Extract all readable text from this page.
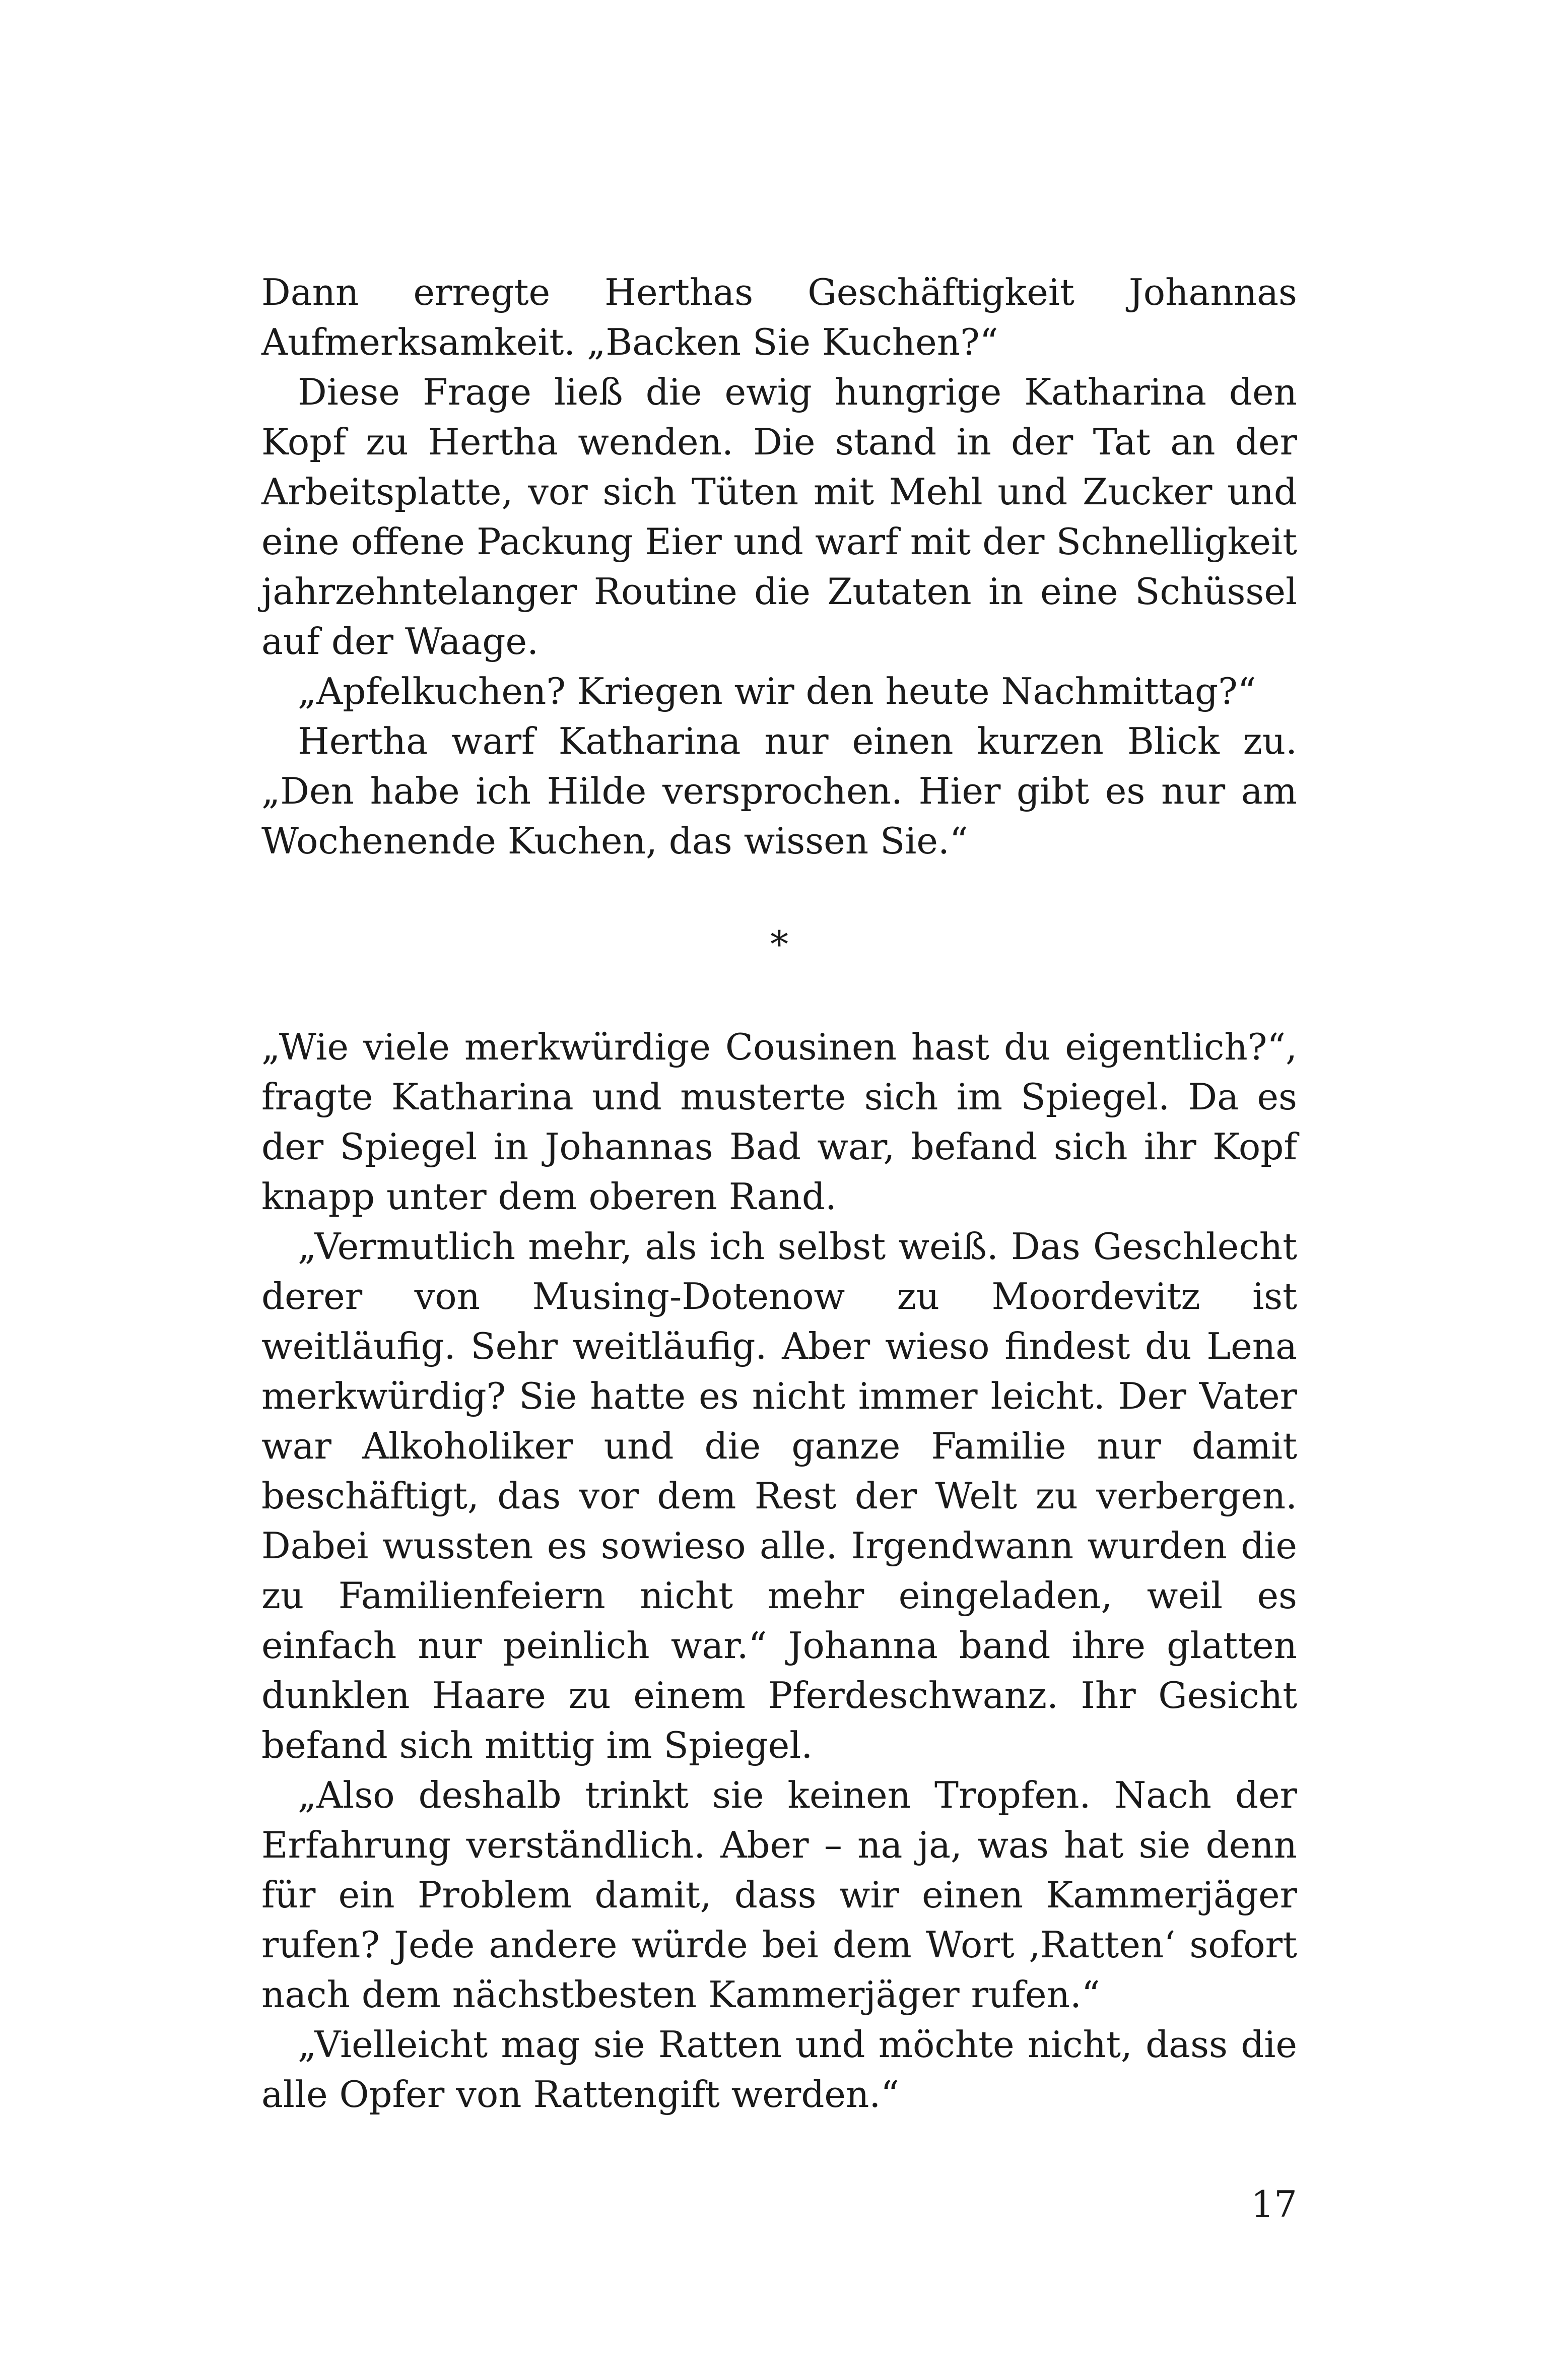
Dann erregte Herthas Geschäftigkeit Johannas Aufmerksamkeit. „Backen Sie Kuchen?“

Diese Frage ließ die ewig hungrige Katharina den Kopf zu Hertha wenden. Die stand in der Tat an der Arbeitsplatte, vor sich Tüten mit Mehl und Zucker und eine offene Packung Eier und warf mit der Schnelligkeit jahrzehntelanger Routine die Zutaten in eine Schüssel auf der Waage.

„Apfelkuchen? Kriegen wir den heute Nachmittag?“

Hertha warf Katharina nur einen kurzen Blick zu. „Den habe ich Hilde versprochen. Hier gibt es nur am Wochenende Kuchen, das wissen Sie.“

*

„Wie viele merkwürdige Cousinen hast du eigentlich?“, fragte Katharina und musterte sich im Spiegel. Da es der Spiegel in Johannas Bad war, befand sich ihr Kopf knapp unter dem oberen Rand.

„Vermutlich mehr, als ich selbst weiß. Das Geschlecht derer von Musing-Dotenow zu Moordevitz ist weitläufig. Sehr weitläufig. Aber wieso findest du Lena merkwürdig? Sie hatte es nicht immer leicht. Der Vater war Alkoholiker und die ganze Familie nur damit beschäftigt, das vor dem Rest der Welt zu verbergen. Dabei wussten es sowieso alle. Irgendwann wurden die zu Familienfeiern nicht mehr eingeladen, weil es einfach nur peinlich war.“ Johanna band ihre glatten dunklen Haare zu einem Pferdeschwanz. Ihr Gesicht befand sich mittig im Spiegel.

„Also deshalb trinkt sie keinen Tropfen. Nach der Erfahrung verständlich. Aber – na ja, was hat sie denn für ein Problem damit, dass wir einen Kammerjäger rufen? Jede andere würde bei dem Wort ‚Ratten‘ sofort nach dem nächstbesten Kammerjäger rufen.“

„Vielleicht mag sie Ratten und möchte nicht, dass die alle Opfer von Rattengift werden.“

17
